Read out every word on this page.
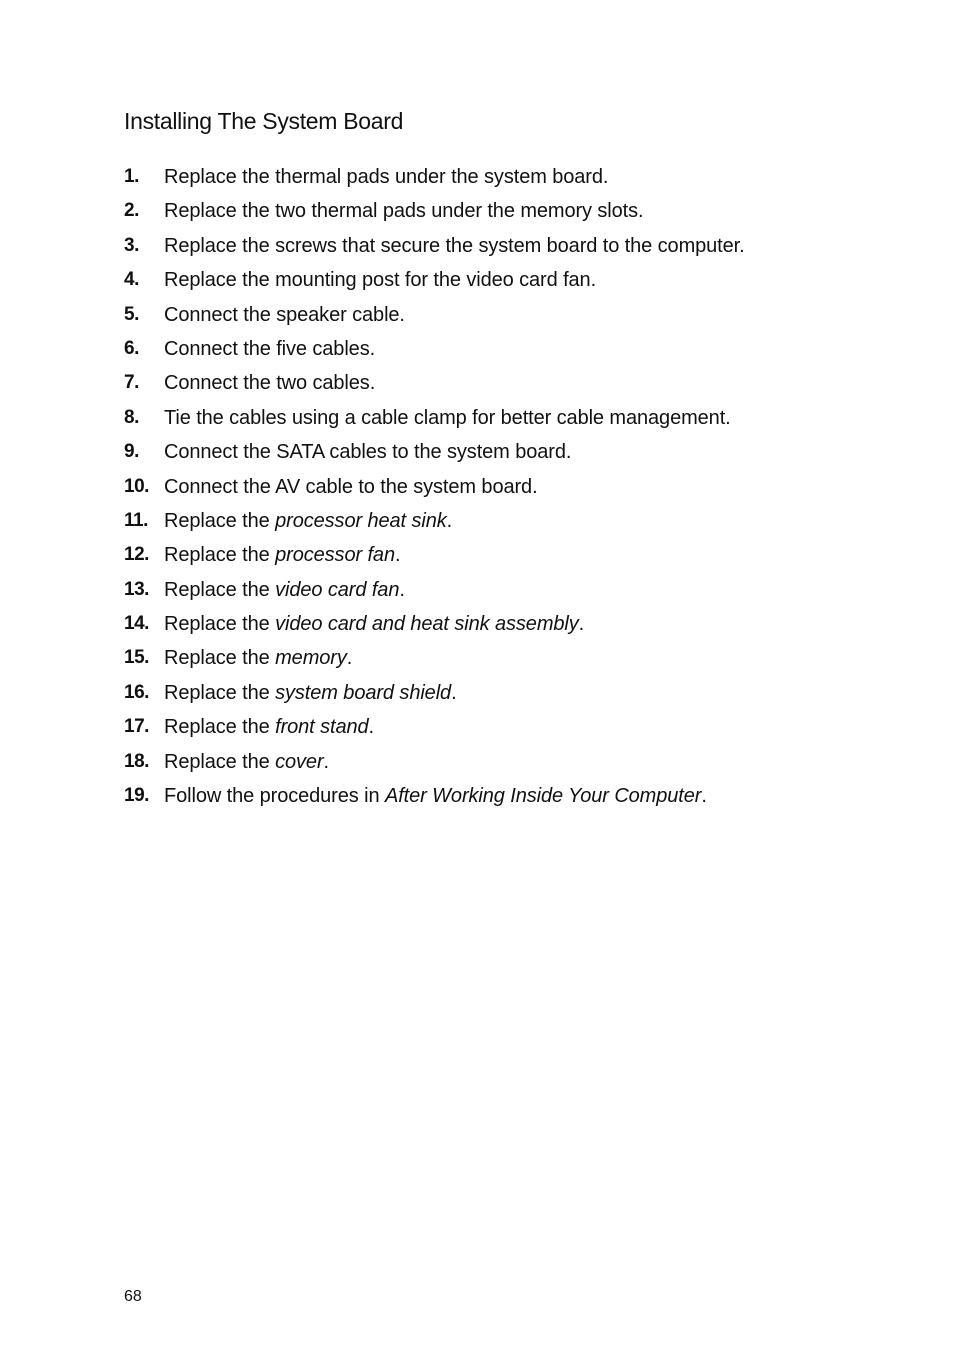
Installing The System Board
1. Replace the thermal pads under the system board.
2. Replace the two thermal pads under the memory slots.
3. Replace the screws that secure the system board to the computer.
4. Replace the mounting post for the video card fan.
5. Connect the speaker cable.
6. Connect the five cables.
7. Connect the two cables.
8. Tie the cables using a cable clamp for better cable management.
9. Connect the SATA cables to the system board.
10. Connect the AV cable to the system board.
11. Replace the processor heat sink.
12. Replace the processor fan.
13. Replace the video card fan.
14. Replace the video card and heat sink assembly.
15. Replace the memory.
16. Replace the system board shield.
17. Replace the front stand.
18. Replace the cover.
19. Follow the procedures in After Working Inside Your Computer.
68
